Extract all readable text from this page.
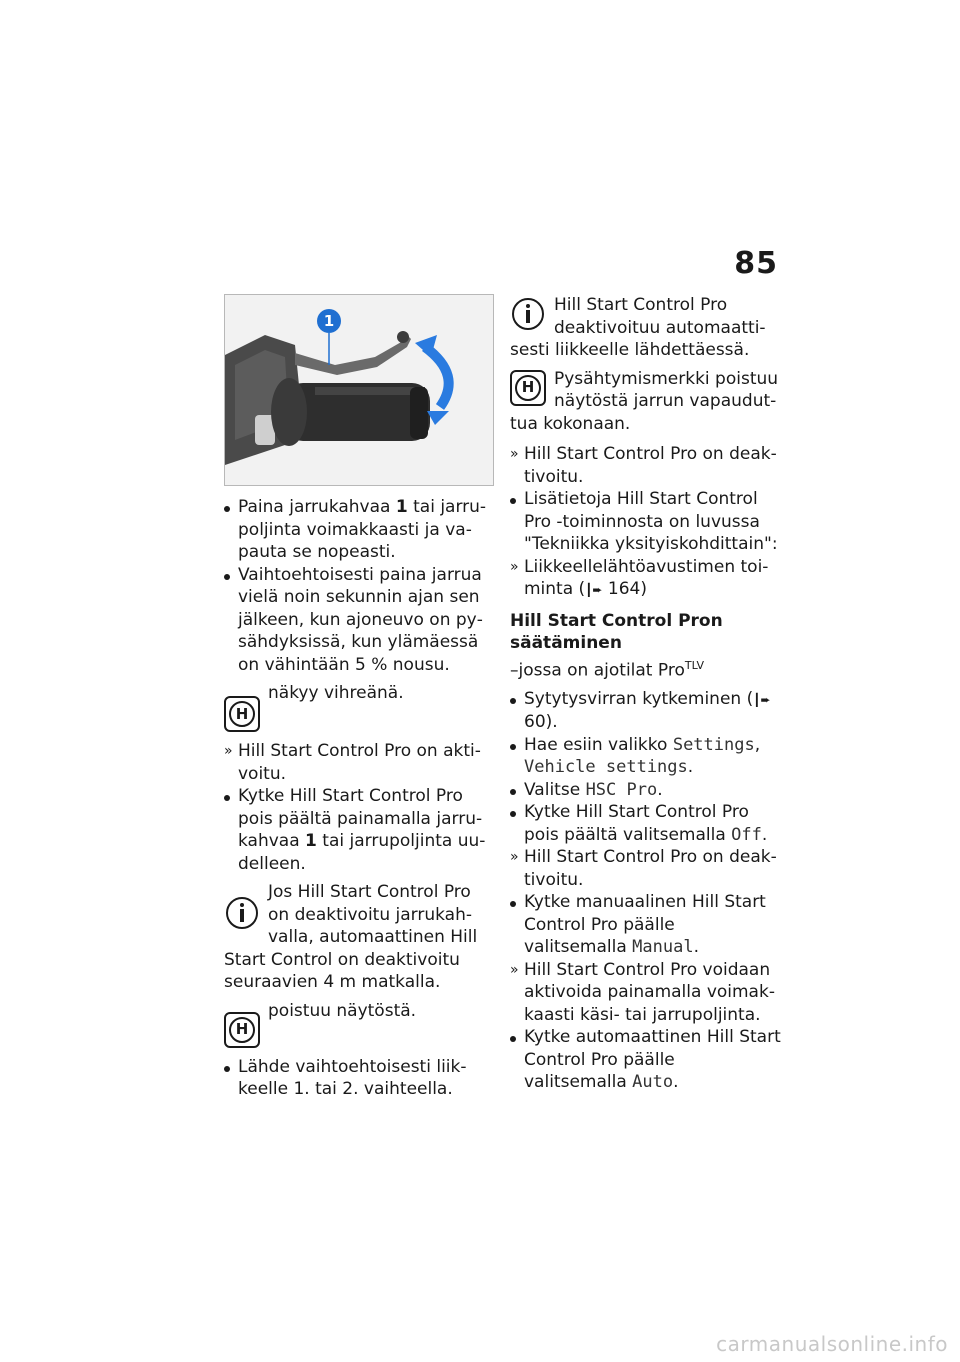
85
1
Paina jarrukahvaa 1 tai jarrupoljinta voimakkaasti ja vapauta se nopeasti.
Vaihtoehtoisesti paina jarrua vielä noin sekunnin ajan sen jälkeen, kun ajoneuvo on pysähdyksissä, kun ylämäessä on vähintään 5 % nousu.
H

näkyy vihreänä.

» Hill Start Control Pro on aktivoitu.
Kytke Hill Start Control Pro pois päältä painamalla jarrukahvaa 1 tai jarrupoljinta uudelleen.

Jos Hill Start Control Pro on deaktivoitu jarrukahvalla, automaattinen Hill Start Control on deaktivoitu seuraavien 4 m matkalla.

H

poistuu näytöstä.

Lähde vaihtoehtoisesti liikkeelle 1. tai 2. vaihteella.

Hill Start Control Pro deaktivoituu automaattisesti liikkeelle lähdettäessä.

H	Pysähtymismerkki poistuu näytöstä jarrun vapauduttua kokonaan.

» Hill Start Control Pro on deaktivoitu.
Lisätietoja Hill Start Control Pro -toiminnosta on luvussa "Tekniikka yksityiskohdittain":
» Liikkeellelähtöavustimen toiminta (┃➨ 164)
Hill Start Control Pron säätäminen
–jossa on ajotilat Pro$^{TLV}$
Sytytysvirran kytkeminen (┃➨ 60).
Hae esiin valikko Settings,
Vehicle settings.
Valitse HSC Pro.
Kytke Hill Start Control Pro pois päältä valitsemalla Off.
» Hill Start Control Pro on deaktivoitu.
Kytke manuaalinen Hill Start Control Pro päälle valitsemalla Manual.
» Hill Start Control Pro voidaan aktivoida painamalla voimakkaasti käsi- tai jarrupoljinta.
Kytke automaattinen Hill Start Control Pro päälle valitsemalla Auto.
carmanualsonline.info
